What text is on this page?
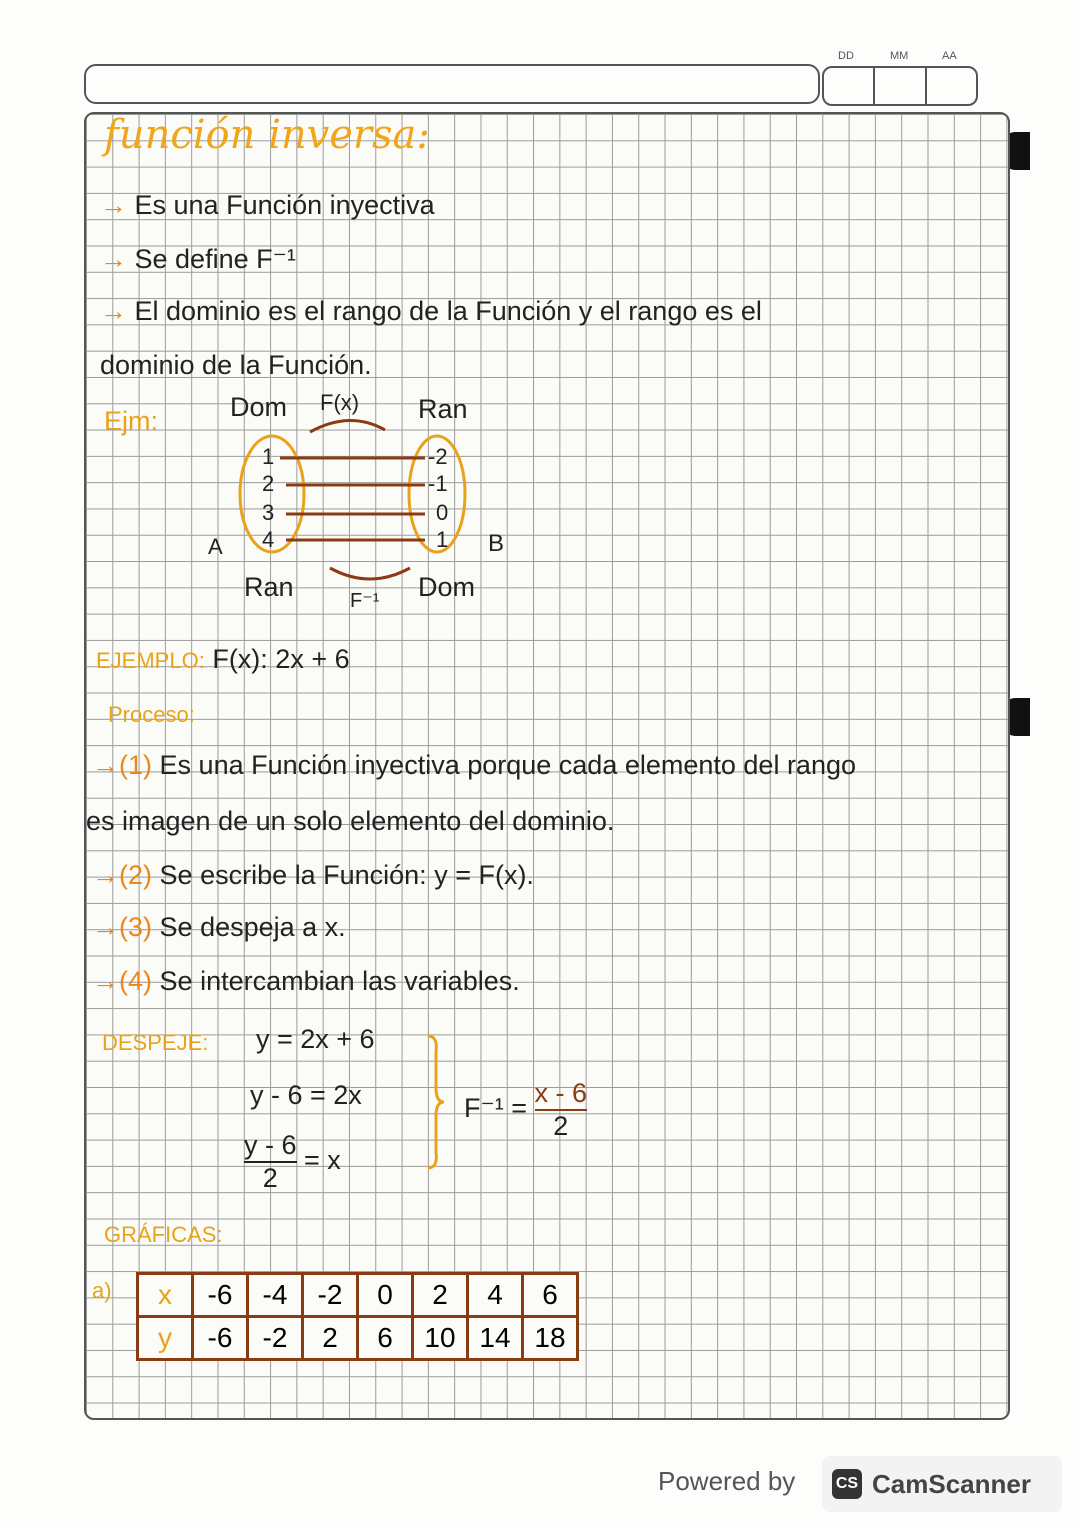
DD	MM	AA
función inversa:
→ Es una Función inyectiva
→ Se define F⁻¹
→ El dominio es el rango de la Función y el rango es el
dominio de la Función.
Ejm:	Dom F(x) Ran
1
2
3
4
-2
-1
0
1
A	B
Ran	F⁻¹ Dom
EJEMPLO: F(x): 2x + 6
Proceso:
→(1) Es una Función inyectiva porque cada elemento del rango
es imagen de un solo elemento del dominio.
→(2) Se escribe la Función: y = F(x).
→(3) Se despeja a x.
→(4) Se intercambian las variables.
DESPEJE: y = 2x + 6
y - 6 = 2x
$\frac{y - 6}{2} = x$
$F^{-1} = \frac{x - 6}{2}$
GRÁFICAS:
a) x	-6	-4	-2	0	2	4	6
y	-6	-2	2	6	10	14	18
Powered by	CS CamScanner
